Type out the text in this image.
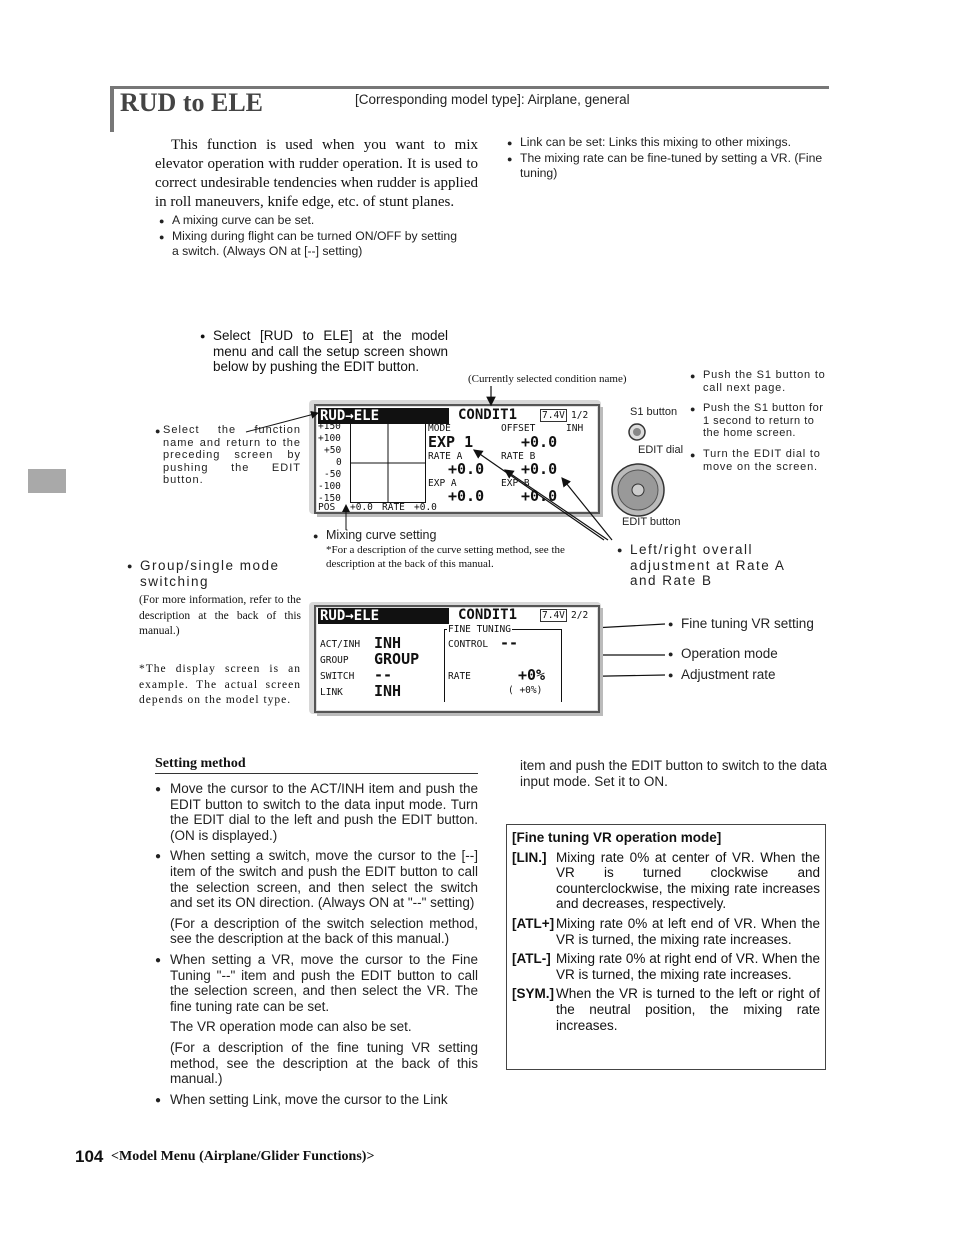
RUD to ELE	[Corresponding model type]: Airplane, general
This function is used when you want to mix elevator operation with rudder operation. It is used to correct undesirable tendencies when rudder is applied in roll maneuvers, knife edge, etc. of stunt planes.
● A mixing curve can be set.
● Mixing during flight can be turned ON/OFF by setting a switch. (Always ON at [--] setting)
● Link can be set: Links this mixing to other mixings.
● The mixing rate can be fine-tuned by setting a VR. (Fine tuning)
● Select [RUD to ELE] at the model menu and call the setup screen shown below by pushing the EDIT button.
(Currently selected condition name)
●	Push the S1 button to call next page.
● Push the S1 button for 1 second to return to the home screen.
● Turn the EDIT dial to move on the screen.
S1 button
EDIT dial
EDIT button
RUD→ELE	CONDIT1	7.4V 1/2
+150
+100
+50
0
-50
-100
-150
MODE	OFFSET	INH
EXP 1	+0.0
RATE A	RATE B
+0.0 +0.0
EXP A	EXP B
+0.0 +0.0
POS +0.0 RATE +0.0
● Select the function name and return to the preceding screen by pushing the EDIT button.
● Mixing curve setting
*For a description of the curve setting method, see the description at the back of this manual.
● Left/right overall adjustment at Rate A and Rate B
● Group/single mode switching
(For more information, refer to the description at the back of this manual.)
*The display screen is an example. The actual screen depends on the model type.
RUD→ELE	CONDIT1	7.4V 2/2
ACT/INH INH
GROUP GROUP
SWITCH --
LINK INH
FINE TUNING
CONTROL --
RATE	+0%
( +0%)
● Fine tuning VR setting
● Operation mode
● Adjustment rate
Setting method

● Move the cursor to the ACT/INH item and push the EDIT button to switch to the data input mode. Turn the EDIT dial to the left and push the EDIT button. (ON is displayed.)

● When setting a switch, move the cursor to the [--] item of the switch and push the EDIT button to call the selection screen, and then select the switch and set its ON direction. (Always ON at "--" setting)

(For a description of the switch selection method, see the description at the back of this manual.)

● When setting a VR, move the cursor to the Fine Tuning "--" item and push the EDIT button to call the selection screen, and then select the VR. The fine tuning rate can be set.

The VR operation mode can also be set.

(For a description of the fine tuning VR setting method, see the description at the back of this manual.)

● When setting Link, move the cursor to the Link

item and push the EDIT button to switch to the data input mode. Set it to ON.
[Fine tuning VR operation mode]
[LIN.] Mixing rate 0% at center of VR. When the VR is turned clockwise and counterclockwise, the mixing rate increases and decreases, respectively.
[ATL+] Mixing rate 0% at left end of VR. When the VR is turned, the mixing rate increases.
[ATL-] Mixing rate 0% at right end of VR. When the VR is turned, the mixing rate increases.
[SYM.] When the VR is turned to the left or right of the neutral position, the mixing rate increases.
104 <Model Menu (Airplane/Glider Functions)>
